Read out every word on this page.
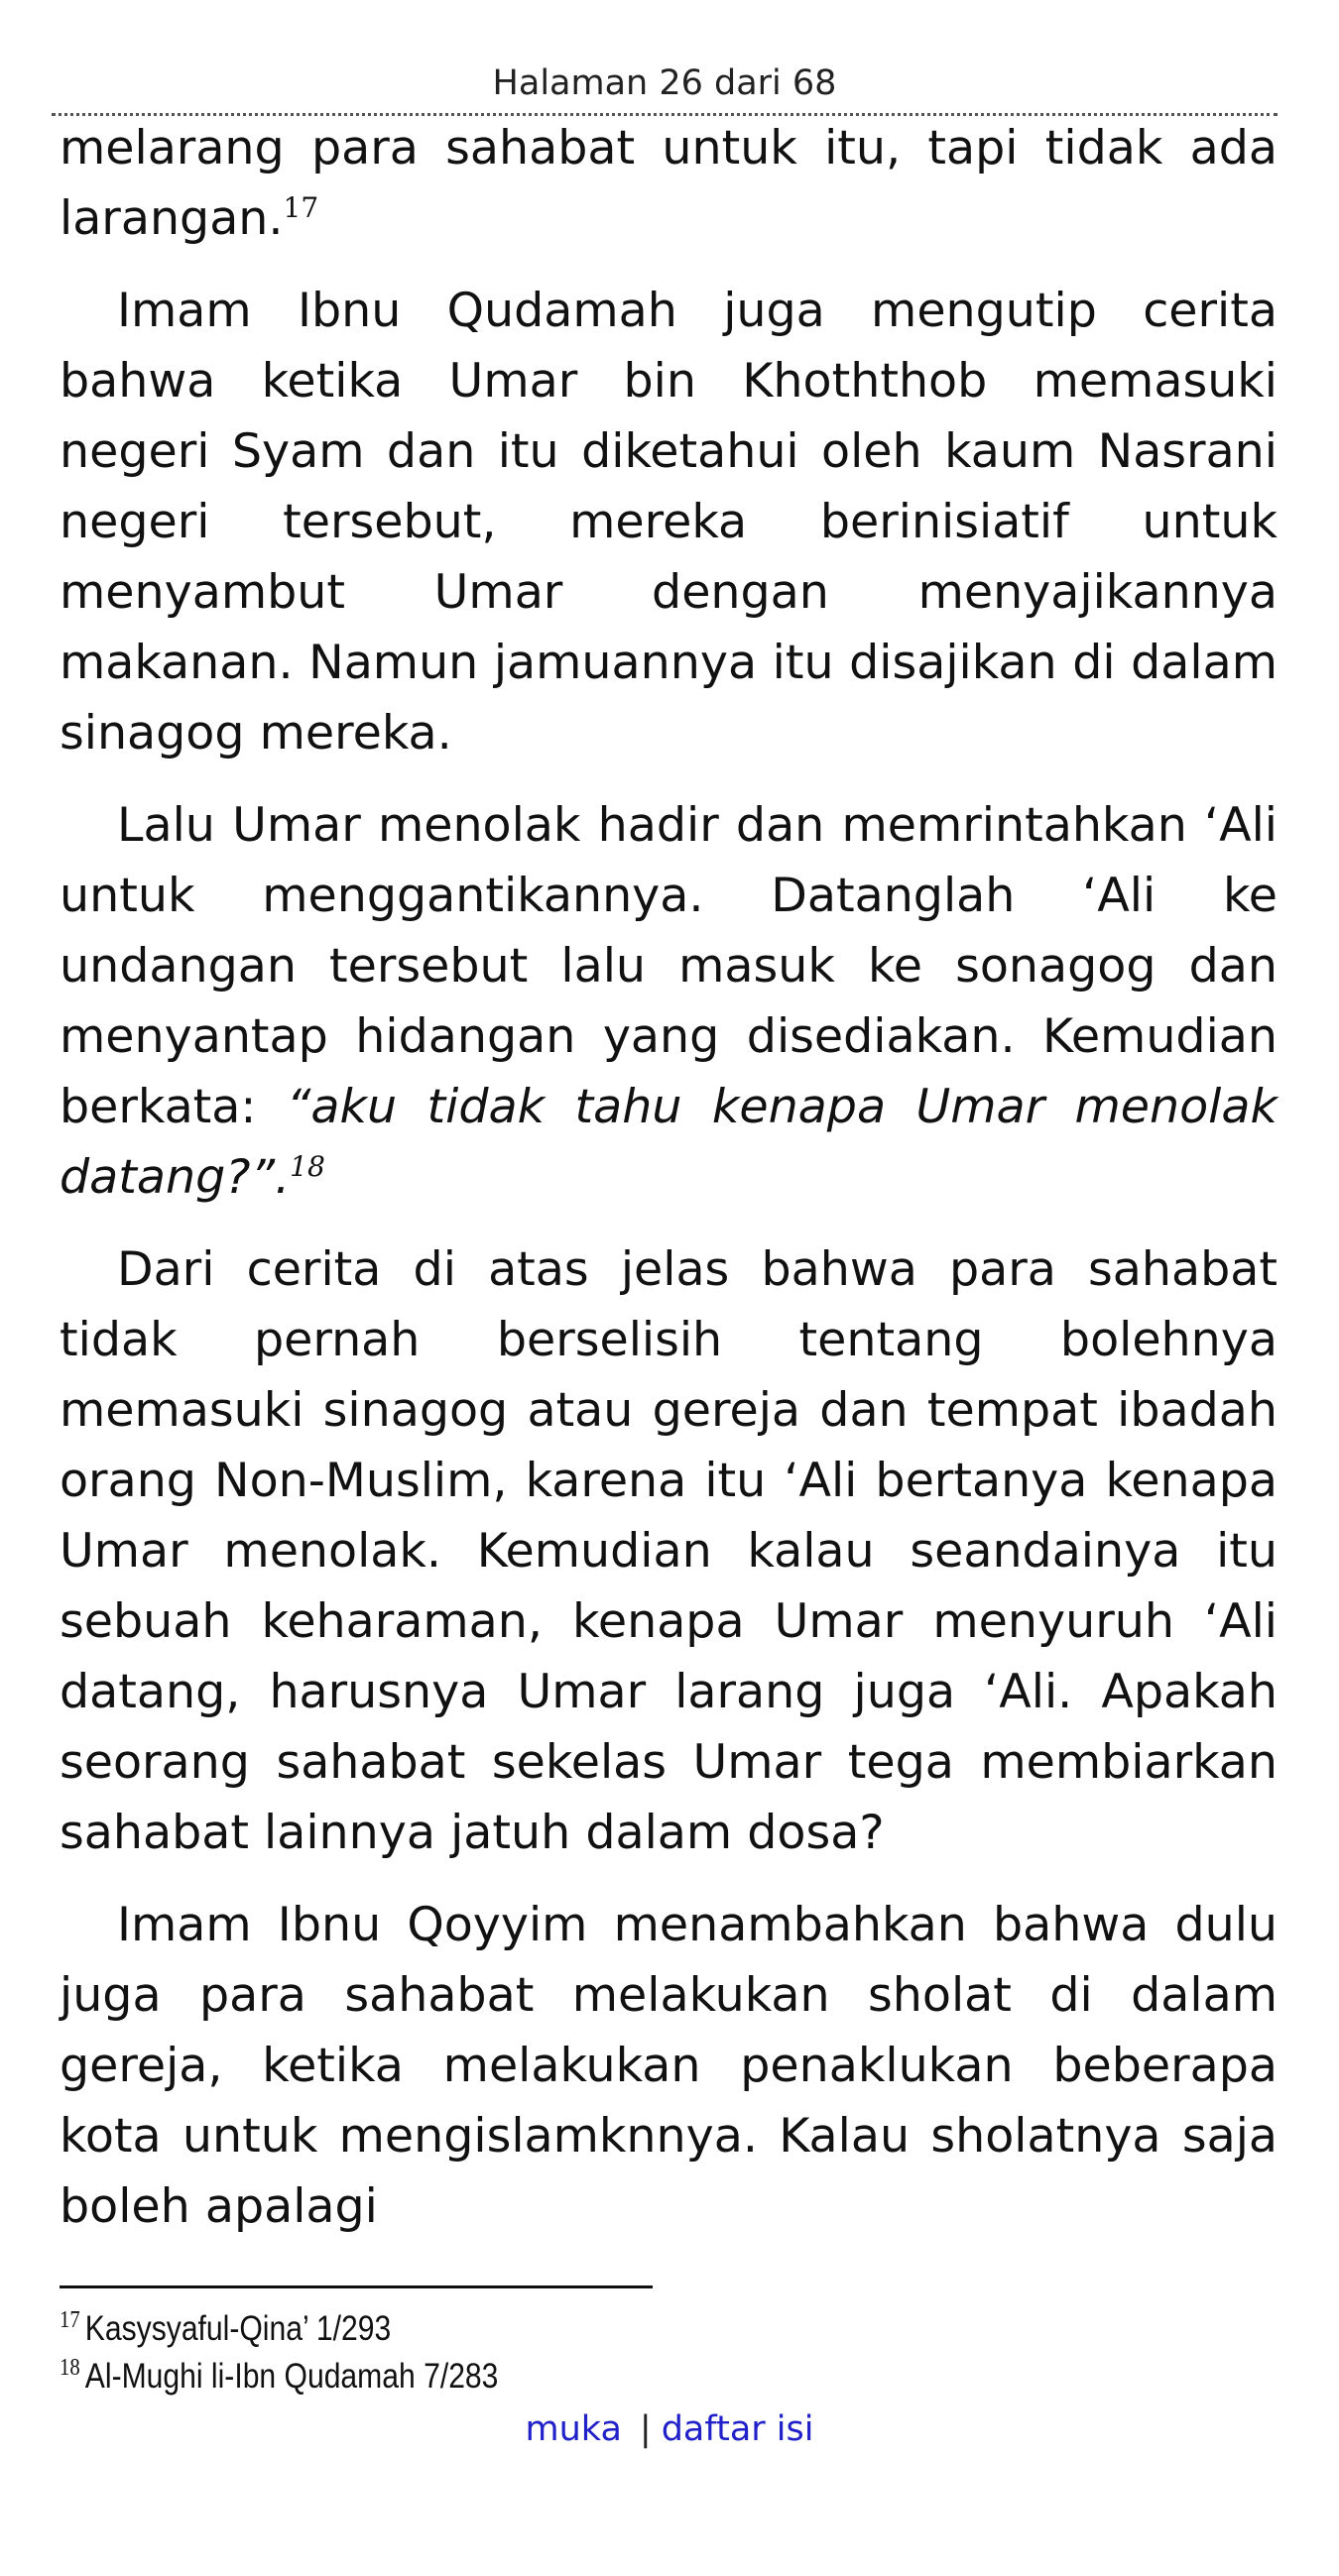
Halaman 26 dari 68

melarang para sahabat untuk itu, tapi tidak ada larangan.$^{17}$

Imam Ibnu Qudamah juga mengutip cerita bahwa ketika Umar bin Khoththob memasuki negeri Syam dan itu diketahui oleh kaum Nasrani negeri tersebut, mereka berinisiatif untuk menyambut Umar dengan menyajikannya makanan. Namun jamuannya itu disajikan di dalam sinagog mereka.

Lalu Umar menolak hadir dan memrintahkan ‘Ali untuk menggantikannya. Datanglah ‘Ali ke undangan tersebut lalu masuk ke sonagog dan menyantap hidangan yang disediakan. Kemudian berkata: “aku tidak tahu kenapa Umar menolak datang?”.$^{18}$

Dari cerita di atas jelas bahwa para sahabat tidak pernah berselisih tentang bolehnya memasuki sinagog atau gereja dan tempat ibadah orang Non-Muslim, karena itu ‘Ali bertanya kenapa Umar menolak. Kemudian kalau seandainya itu sebuah keharaman, kenapa Umar menyuruh ‘Ali datang, harusnya Umar larang juga ‘Ali. Apakah seorang sahabat sekelas Umar tega membiarkan sahabat lainnya jatuh dalam dosa?

Imam Ibnu Qoyyim menambahkan bahwa dulu juga para sahabat melakukan sholat di dalam gereja, ketika melakukan penaklukan beberapa kota untuk mengislamknnya. Kalau sholatnya saja boleh apalagi

$^{17}$ Kasysyaful-Qina’ 1/293
$^{18}$ Al-Mughi li-Ibn Qudamah 7/283
muka | daftar isi
